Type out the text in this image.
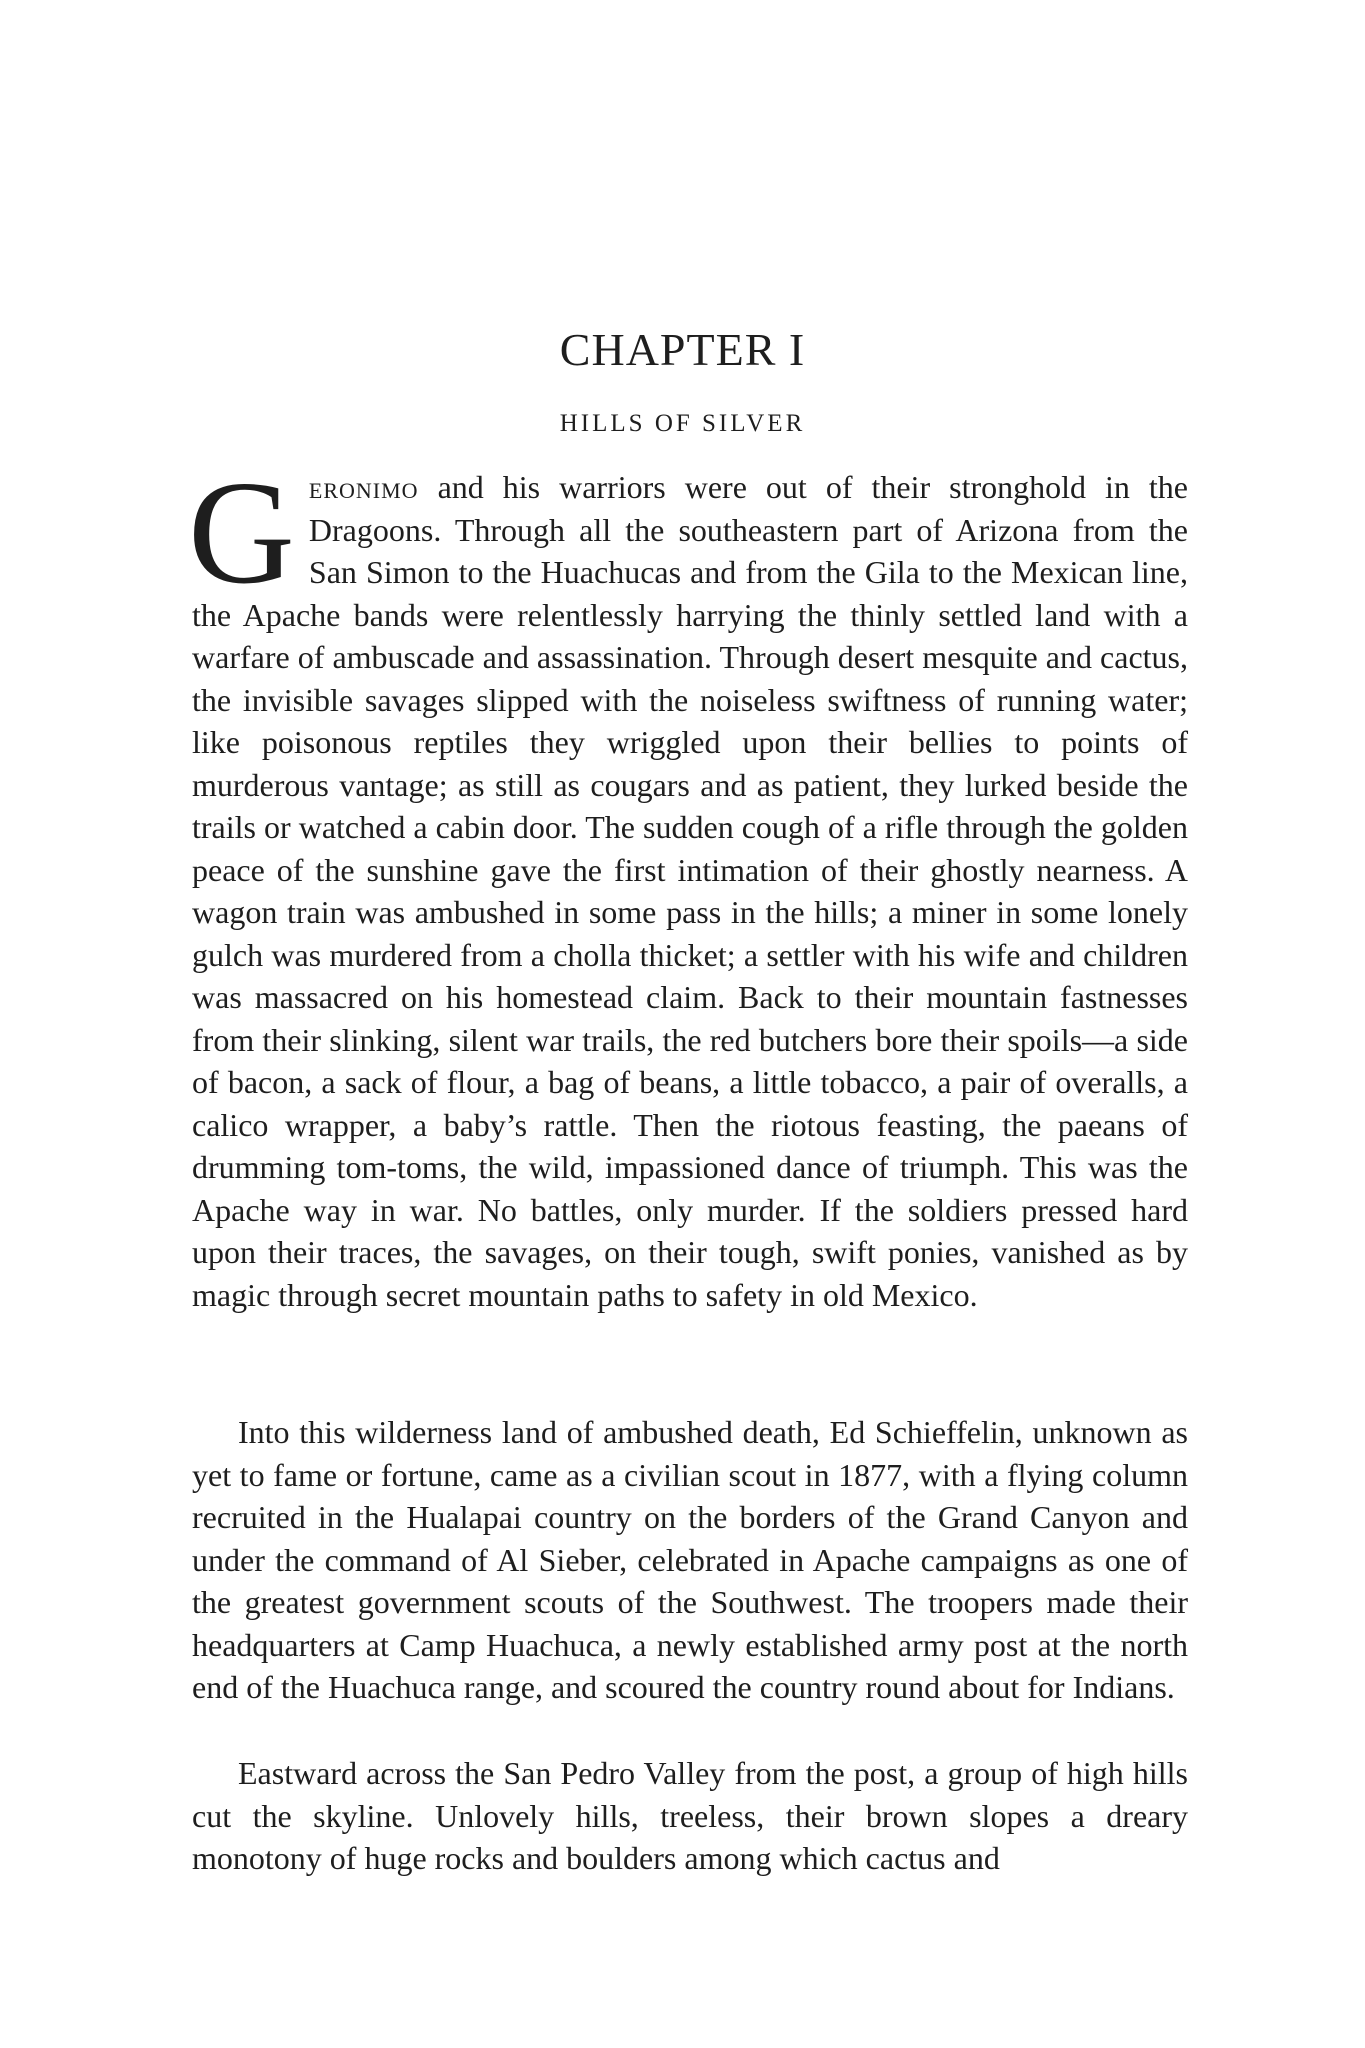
CHAPTER I
HILLS OF SILVER

Geronimo and his warriors were out of their stronghold in the Dragoons. Through all the southeastern part of Arizona from the San Simon to the Huachucas and from the Gila to the Mexican line, the Apache bands were relentlessly harrying the thinly settled land with a warfare of ambuscade and assassination. Through desert mesquite and cactus, the invisible savages slipped with the noiseless swiftness of running water; like poisonous reptiles they wriggled upon their bellies to points of murderous vantage; as still as cougars and as patient, they lurked beside the trails or watched a cabin door. The sudden cough of a rifle through the golden peace of the sunshine gave the first intimation of their ghostly nearness. A wagon train was ambushed in some pass in the hills; a miner in some lonely gulch was murdered from a cholla thicket; a settler with his wife and children was massacred on his homestead claim. Back to their mountain fastnesses from their slinking, silent war trails, the red butchers bore their spoils—a side of bacon, a sack of flour, a bag of beans, a little tobacco, a pair of overalls, a calico wrapper, a baby’s rattle. Then the riotous feasting, the paeans of drumming tom-toms, the wild, impassioned dance of triumph. This was the Apache way in war. No battles, only murder. If the soldiers pressed hard upon their traces, the savages, on their tough, swift ponies, vanished as by magic through secret mountain paths to safety in old Mexico.

Into this wilderness land of ambushed death, Ed Schieffelin, unknown as yet to fame or fortune, came as a civilian scout in 1877, with a flying column recruited in the Hualapai country on the borders of the Grand Canyon and under the command of Al Sieber, celebrated in Apache campaigns as one of the greatest government scouts of the Southwest. The troopers made their headquarters at Camp Huachuca, a newly established army post at the north end of the Huachuca range, and scoured the country round about for Indians.

Eastward across the San Pedro Valley from the post, a group of high hills cut the skyline. Unlovely hills, treeless, their brown slopes a dreary monotony of huge rocks and boulders among which cactus and
